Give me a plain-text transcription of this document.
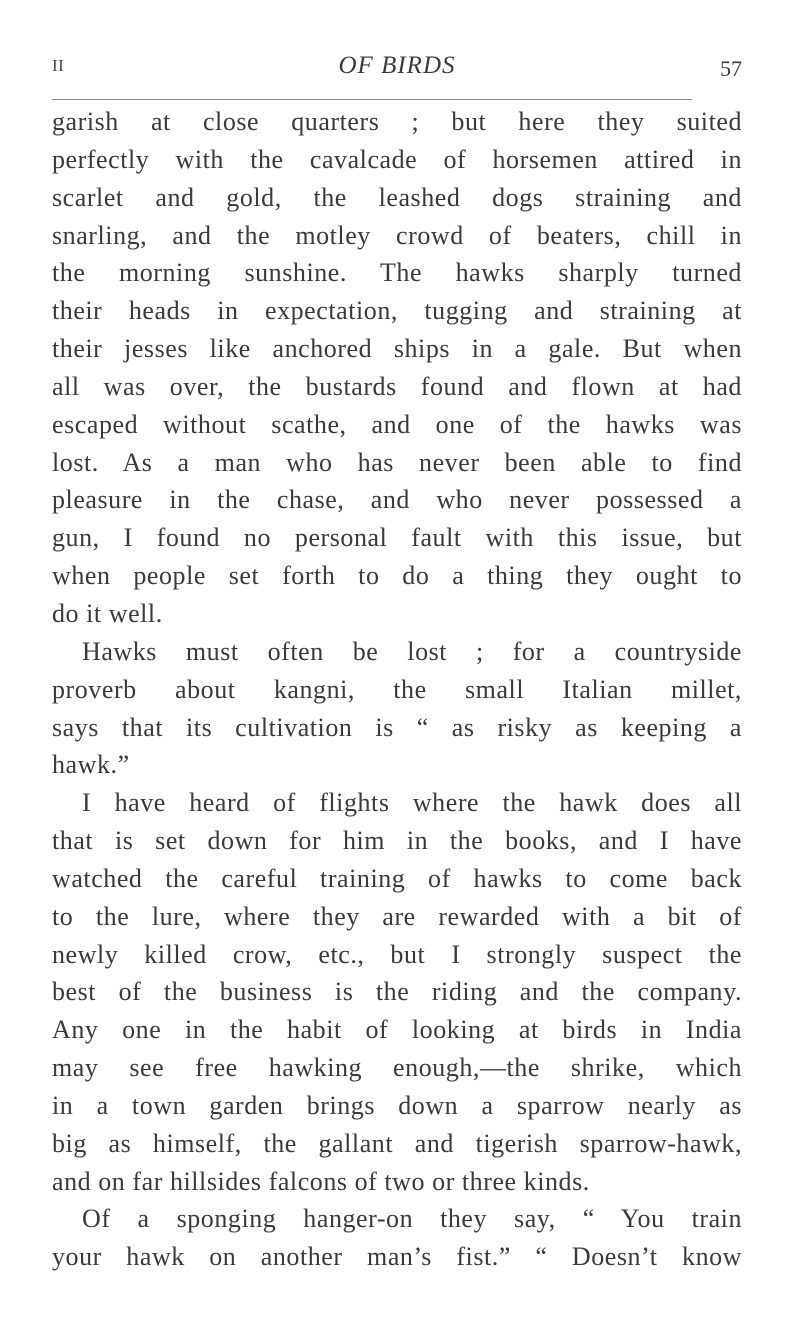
II	OF BIRDS	57
garish at close quarters ; but here they suited
perfectly with the cavalcade of horsemen attired in
scarlet and gold, the leashed dogs straining and
snarling, and the motley crowd of beaters, chill in
the morning sunshine. The hawks sharply turned
their heads in expectation, tugging and straining at
their jesses like anchored ships in a gale. But when
all was over, the bustards found and flown at had
escaped without scathe, and one of the hawks was
lost. As a man who has never been able to find
pleasure in the chase, and who never possessed a
gun, I found no personal fault with this issue, but
when people set forth to do a thing they ought to
do it well.
Hawks must often be lost ; for a countryside
proverb about kangni, the small Italian millet,
says that its cultivation is “ as risky as keeping a
hawk.”
I have heard of flights where the hawk does all
that is set down for him in the books, and I have
watched the careful training of hawks to come back
to the lure, where they are rewarded with a bit of
newly killed crow, etc., but I strongly suspect the
best of the business is the riding and the company.
Any one in the habit of looking at birds in India
may see free hawking enough,—the shrike, which
in a town garden brings down a sparrow nearly as
big as himself, the gallant and tigerish sparrow-hawk,
and on far hillsides falcons of two or three kinds.
Of a sponging hanger-on they say, “ You train
your hawk on another man’s fist.” “ Doesn’t know
